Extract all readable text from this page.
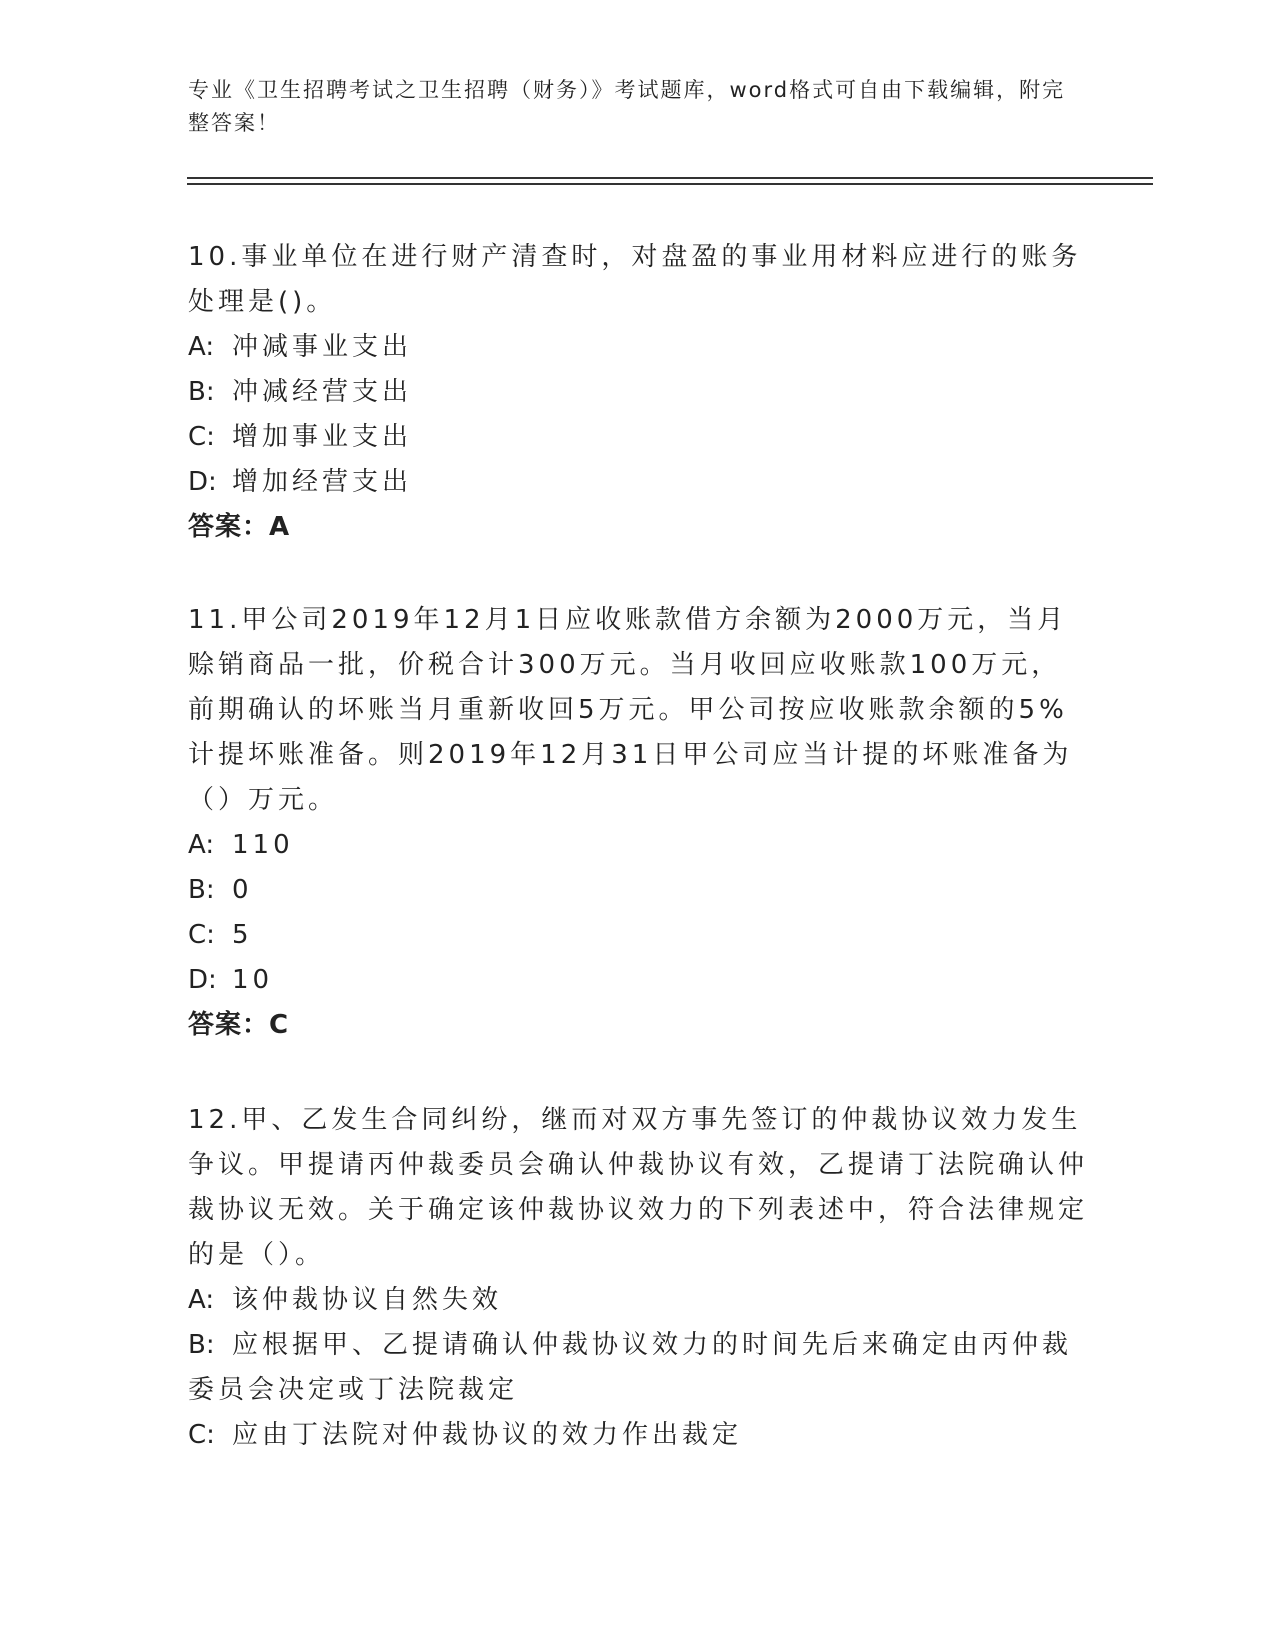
专业《卫生招聘考试之卫生招聘（财务）》考试题库，word格式可自由下载编辑，附完整答案！

10.事业单位在进行财产清查时，对盘盈的事业用材料应进行的账务处理是()。

A: 冲减事业支出

B: 冲减经营支出

C: 增加事业支出

D: 增加经营支出

答案：A

11.甲公司2019年12月1日应收账款借方余额为2000万元，当月赊销商品一批，价税合计300万元。当月收回应收账款100万元，前期确认的坏账当月重新收回5万元。甲公司按应收账款余额的5%计提坏账准备。则2019年12月31日甲公司应当计提的坏账准备为（）万元。

A: 110

B: 0

C: 5

D: 10

答案：C

12.甲、乙发生合同纠纷，继而对双方事先签订的仲裁协议效力发生争议。甲提请丙仲裁委员会确认仲裁协议有效，乙提请丁法院确认仲裁协议无效。关于确定该仲裁协议效力的下列表述中，符合法律规定的是（）。

A: 该仲裁协议自然失效

B: 应根据甲、乙提请确认仲裁协议效力的时间先后来确定由丙仲裁委员会决定或丁法院裁定

C: 应由丁法院对仲裁协议的效力作出裁定
